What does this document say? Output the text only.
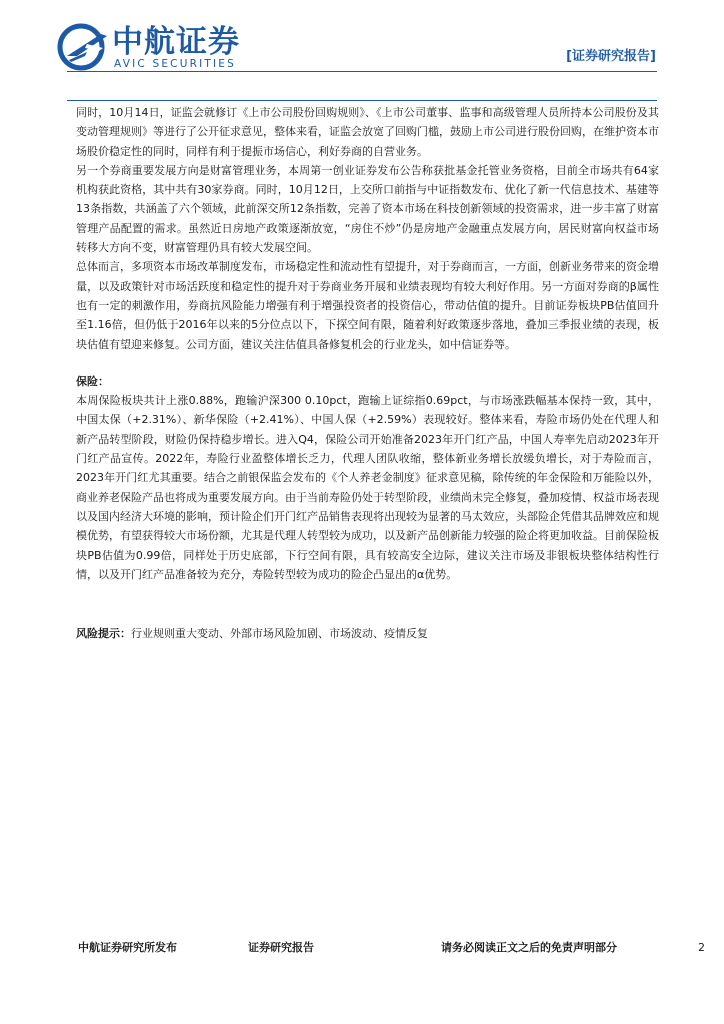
中航证券
AVIC SECURITIES	[证券研究报告]

同时，10月14日，证监会就修订《上市公司股份回购规则》、《上市公司董事、监事和高级管理人员所持本公司股份及其变动管理规则》等进行了公开征求意见，整体来看，证监会放宽了回购门槛，鼓励上市公司进行股份回购，在维护资本市场股价稳定性的同时，同样有利于提振市场信心，利好券商的自营业务。

另一个券商重要发展方向是财富管理业务，本周第一创业证券发布公告称获批基金托管业务资格，目前全市场共有64家机构获此资格，其中共有30家券商。同时，10月12日，上交所口前指与中证指数发布、优化了新一代信息技术、基建等13条指数，共涵盖了六个领域，此前深交所12条指数，完善了资本市场在科技创新领域的投资需求，进一步丰富了财富管理产品配置的需求。虽然近日房地产政策逐渐放宽，“房住不炒”仍是房地产金融重点发展方向，居民财富向权益市场转移大方向不变，财富管理仍具有较大发展空间。

总体而言，多项资本市场改革制度发布，市场稳定性和流动性有望提升，对于券商而言，一方面，创新业务带来的资金增量，以及政策针对市场活跃度和稳定性的提升对于券商业务开展和业绩表现均有较大利好作用。另一方面对券商的β属性也有一定的刺激作用，券商抗风险能力增强有利于增强投资者的投资信心，带动估值的提升。目前证券板块PB估值回升至1.16倍，但仍低于2016年以来的5分位点以下，下探空间有限，随着利好政策逐步落地，叠加三季报业绩的表现，板块估值有望迎来修复。公司方面，建议关注估值具备修复机会的行业龙头，如中信证券等。

保险：

本周保险板块共计上涨0.88%，跑输沪深300 0.10pct，跑输上证综指0.69pct，与市场涨跌幅基本保持一致，其中，中国太保（+2.31%）、新华保险（+2.41%）、中国人保（+2.59%）表现较好。整体来看，寿险市场仍处在代理人和新产品转型阶段，财险仍保持稳步增长。进入Q4，保险公司开始准备2023年开门红产品，中国人寿率先启动2023年开门红产品宣传。2022年，寿险行业盈整体增长乏力，代理人团队收缩，整体新业务增长放缓负增长，对于寿险而言，2023年开门红尤其重要。结合之前银保监会发布的《个人养老金制度》征求意见稿，除传统的年金保险和万能险以外，商业养老保险产品也将成为重要发展方向。由于当前寿险仍处于转型阶段，业绩尚未完全修复，叠加疫情、权益市场表现以及国内经济大环境的影响，预计险企们开门红产品销售表现将出现较为显著的马太效应，头部险企凭借其品牌效应和规模优势，有望获得较大市场份额，尤其是代理人转型较为成功，以及新产品创新能力较强的险企将更加收益。目前保险板块PB估值为0.99倍，同样处于历史底部，下行空间有限，具有较高安全边际，建议关注市场及非银板块整体结构性行情，以及开门红产品准备较为充分，寿险转型较为成功的险企凸显出的α优势。

风险提示：行业规则重大变动、外部市场风险加剧、市场波动、疫情反复

中航证券研究所发布	证券研究报告	请务必阅读正文之后的免责声明部分	2
